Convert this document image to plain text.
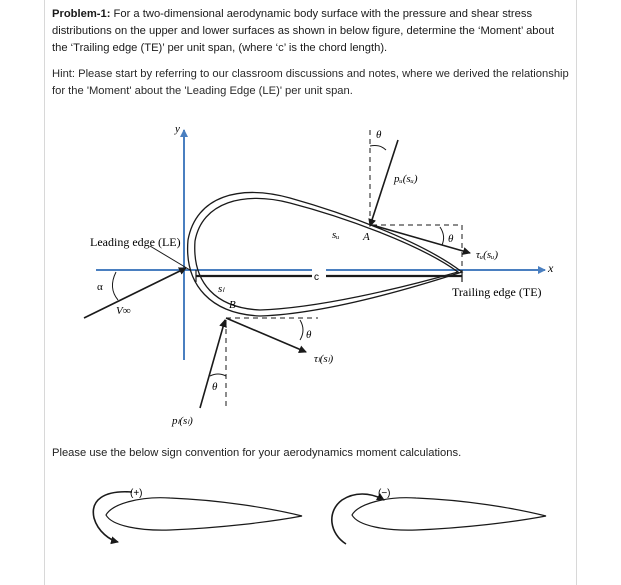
Problem-1: For a two-dimensional aerodynamic body surface with the pressure and shear stress distributions on the upper and lower surfaces as shown in below figure, determine the ‘Moment’ about the ‘Trailing edge (TE)’ per unit span, (where ‘c’ is the chord length).
Hint: Please start by referring to our classroom discussions and notes, where we derived the relationship for the 'Moment' about the 'Leading Edge (LE)' per unit span.
y
x
θ
Leading edge (LE)
Trailing edge (TE)
α
V∞
c
sᵤ A
B
sₗ
pᵤ(sᵤ)
τᵤ(sᵤ)
θ
θ
τₗ(sₗ)
θ
pₗ(sₗ)
(+)	(−)
Please use the below sign convention for your aerodynamics moment calculations.
